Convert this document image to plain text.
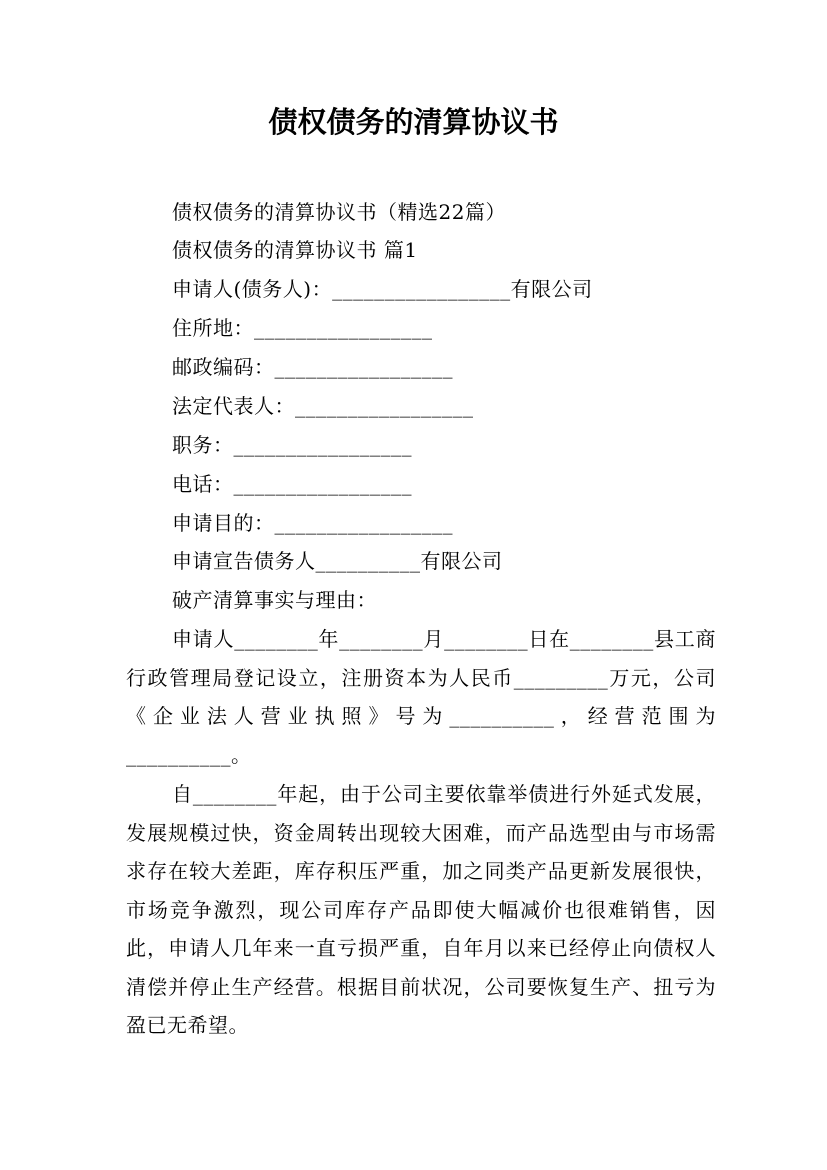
债权债务的清算协议书
债权债务的清算协议书（精选22篇）
债权债务的清算协议书 篇1
申请人(债务人)：_________________有限公司
住所地：_________________
邮政编码：_________________
法定代表人：_________________
职务：_________________
电话：_________________
申请目的：_________________
申请宣告债务人__________有限公司
破产清算事实与理由：
申请人________年________月________日在________县工商行政管理局登记设立，注册资本为人民币_________万元，公司《企业法人营业执照》号为__________，经营范围为__________。
自________年起，由于公司主要依靠举债进行外延式发展，发展规模过快，资金周转出现较大困难，而产品选型由与市场需求存在较大差距，库存积压严重，加之同类产品更新发展很快，市场竞争激烈，现公司库存产品即使大幅减价也很难销售，因此，申请人几年来一直亏损严重，自年月以来已经停止向债权人清偿并停止生产经营。根据目前状况，公司要恢复生产、扭亏为盈已无希望。
